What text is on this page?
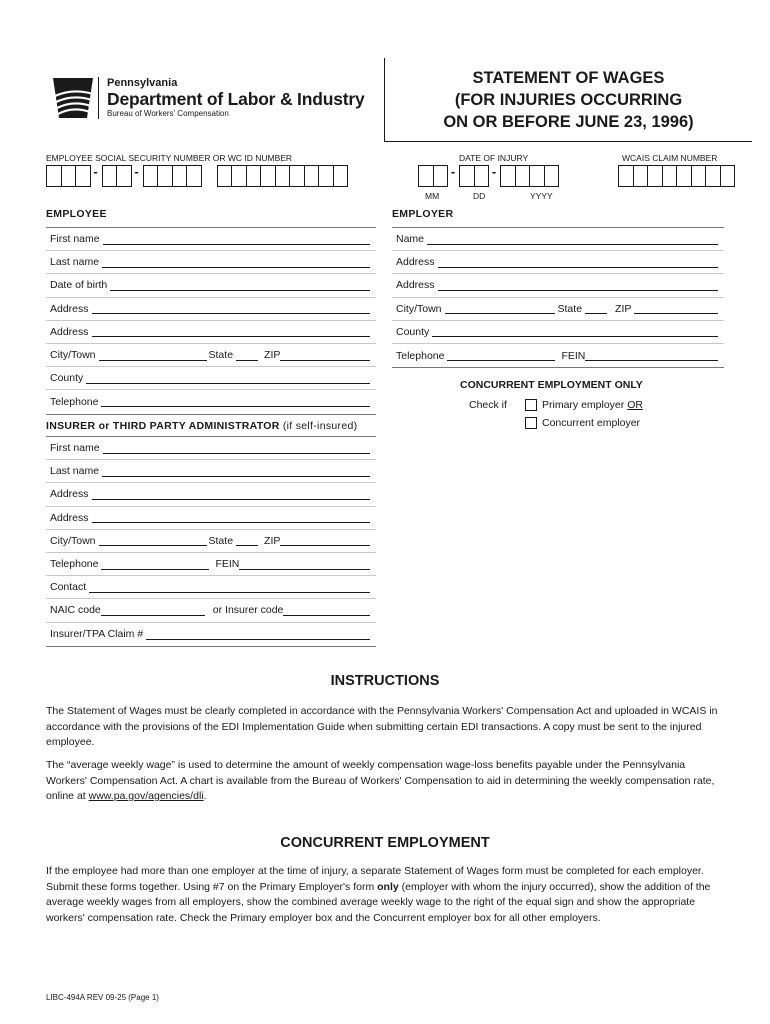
Pennsylvania
Department of Labor & Industry
Bureau of Workers' Compensation
STATEMENT OF WAGES
(FOR INJURIES OCCURRING
ON OR BEFORE JUNE 23, 1996)
EMPLOYEE SOCIAL SECURITY NUMBER OR WC ID NUMBER	DATE OF INJURY	WCAIS CLAIM NUMBER
-	-	-	-
MM	DD	YYYY
EMPLOYEE
First name
Last name
Date of birth
Address
Address
City/Town	State	ZIP
County
Telephone
EMPLOYER
Name
Address
Address
City/Town	State	ZIP
County
Telephone	FEIN
CONCURRENT EMPLOYMENT ONLY
Check if	Primary employer
OR
Concurrent employer
INSURER or THIRD PARTY ADMINISTRATOR (if self-insured)
First name
Last name
Address
Address
City/Town	State	ZIP
Telephone	FEIN
Contact
NAIC code	or Insurer code
Insurer/TPA Claim #
INSTRUCTIONS
The Statement of Wages must be clearly completed in accordance with the Pennsylvania Workers' Compensation Act and uploaded in WCAIS in accordance with the provisions of the EDI Implementation Guide when submitting certain EDI transactions. A copy must be sent to the injured employee.
The “average weekly wage” is used to determine the amount of weekly compensation wage-loss benefits payable under the Pennsylvania Workers' Compensation Act. A chart is available from the Bureau of Workers' Compensation to aid in determining the weekly compensation rate, online at www.pa.gov/agencies/dli.
CONCURRENT EMPLOYMENT
If the employee had more than one employer at the time of injury, a separate Statement of Wages form must be completed for each employer. Submit these forms together. Using #7 on the Primary Employer's form only (employer with whom the injury occurred), show the addition of the average weekly wages from all employers, show the combined average weekly wage to the right of the equal sign and show the appropriate workers' compensation rate. Check the Primary employer box and the Concurrent employer box for all other employers.
LIBC-494A REV 09-25 (Page 1)
